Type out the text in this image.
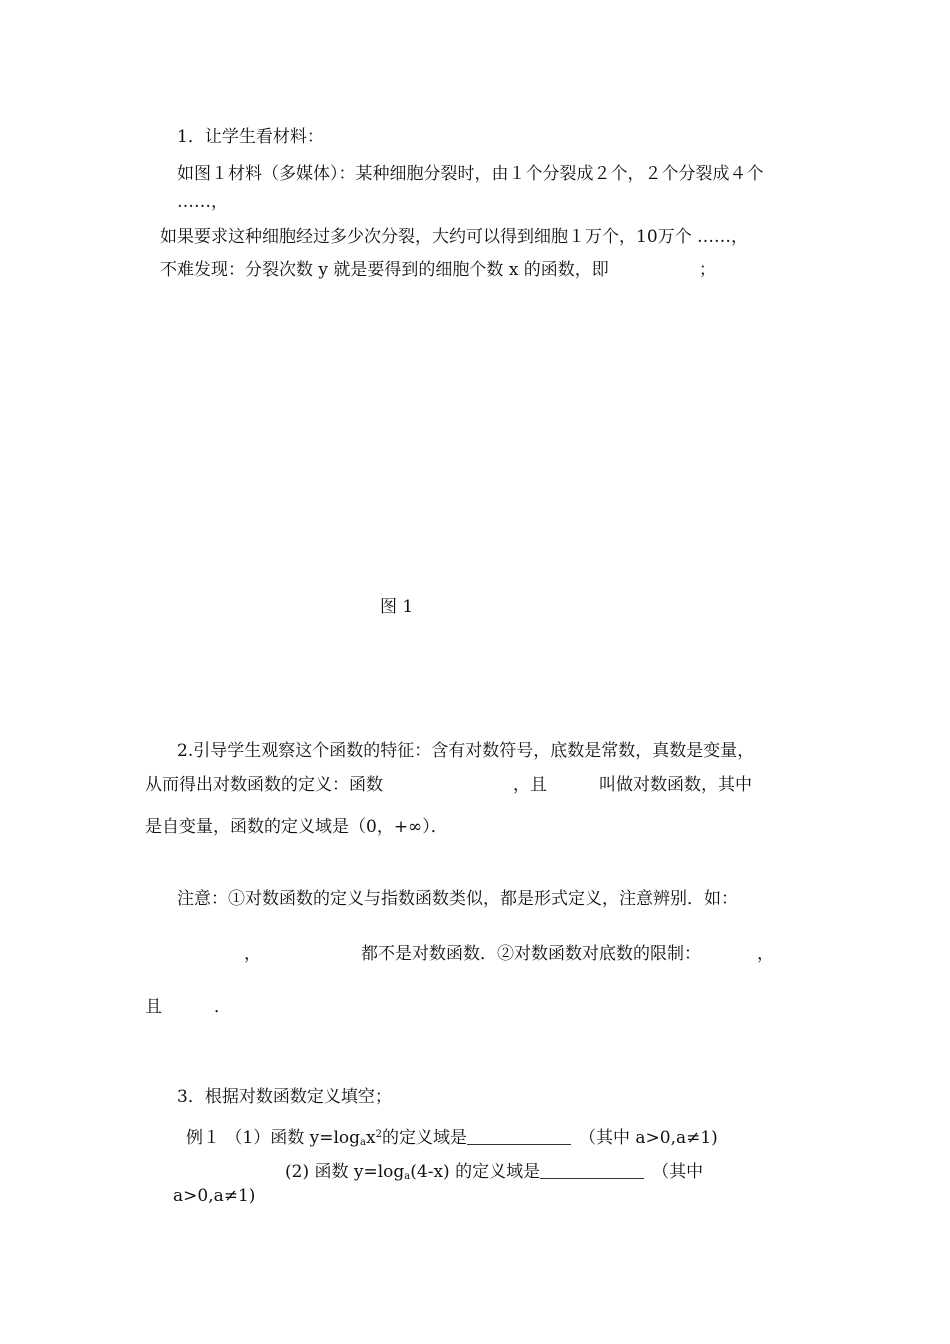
1．让学生看材料：
如图１材料（多媒体）：某种细胞分裂时，由１个分裂成２个，２个分裂成４个
……，
如果要求这种细胞经过多少次分裂，大约可以得到细胞１万个，10万个 ……，
不难发现：分裂次数 y 就是要得到的细胞个数 x 的函数，即	；
图 1
2.引导学生观察这个函数的特征：含有对数符号，底数是常数，真数是变量，
从而得出对数函数的定义：函数	，且	叫做对数函数，其中
是自变量，函数的定义域是（0，+∞）．
注意：①对数函数的定义与指数函数类似，都是形式定义，注意辨别．如：
，	都不是对数函数．②对数函数对底数的限制：	，
且	．
3．根据对数函数定义填空；
例１ （1）函数 $y=\log_ax^2$的定义域是	（其中 a>0,a≠1)
(2) 函数 $y=\log_a(4-x)$ 的定义域是	（其中
a>0,a≠1)
